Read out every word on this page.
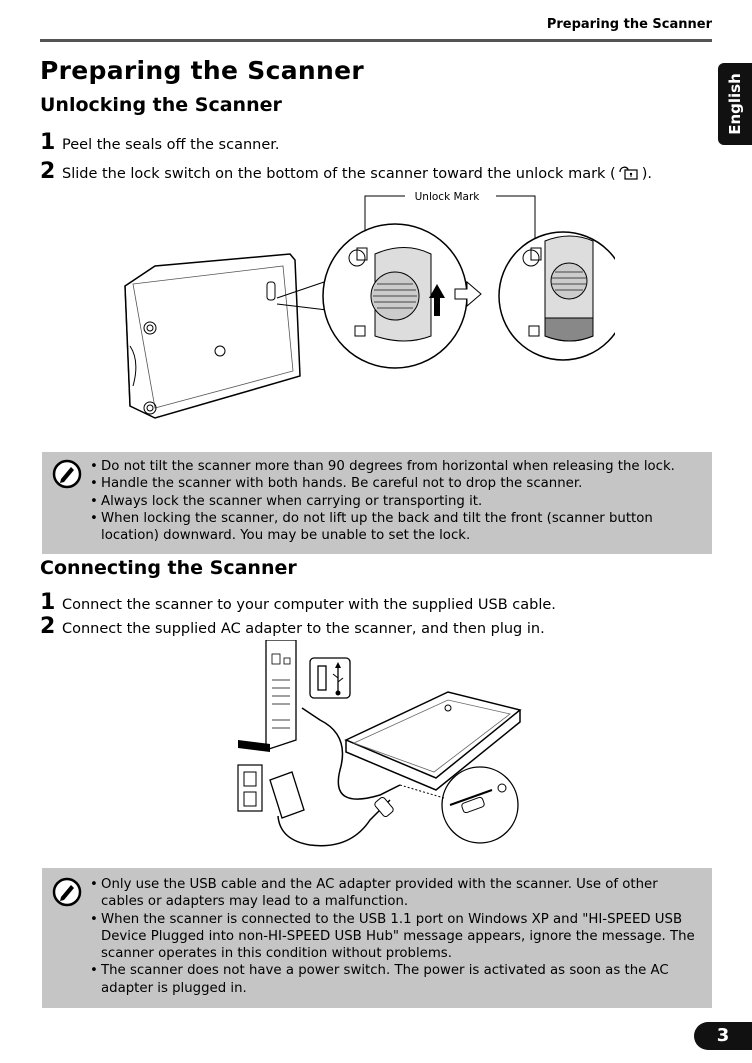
Preparing the Scanner
English
Preparing the Scanner
Unlocking the Scanner
1 Peel the seals off the scanner.
2 Slide the lock switch on the bottom of the scanner toward the unlock mark ( ).
Unlock Mark
• Do not tilt the scanner more than 90 degrees from horizontal when releasing the lock.
• Handle the scanner with both hands. Be careful not to drop the scanner.
• Always lock the scanner when carrying or transporting it.
• When locking the scanner, do not lift up the back and tilt the front (scanner button location) downward. You may be unable to set the lock.
Connecting the Scanner
1 Connect the scanner to your computer with the supplied USB cable.
2 Connect the supplied AC adapter to the scanner, and then plug in.
• Only use the USB cable and the AC adapter provided with the scanner. Use of other cables or adapters may lead to a malfunction.
• When the scanner is connected to the USB 1.1 port on Windows XP and "HI-SPEED USB Device Plugged into non-HI-SPEED USB Hub" message appears, ignore the message. The scanner operates in this condition without problems.
• The scanner does not have a power switch. The power is activated as soon as the AC adapter is plugged in.
3
